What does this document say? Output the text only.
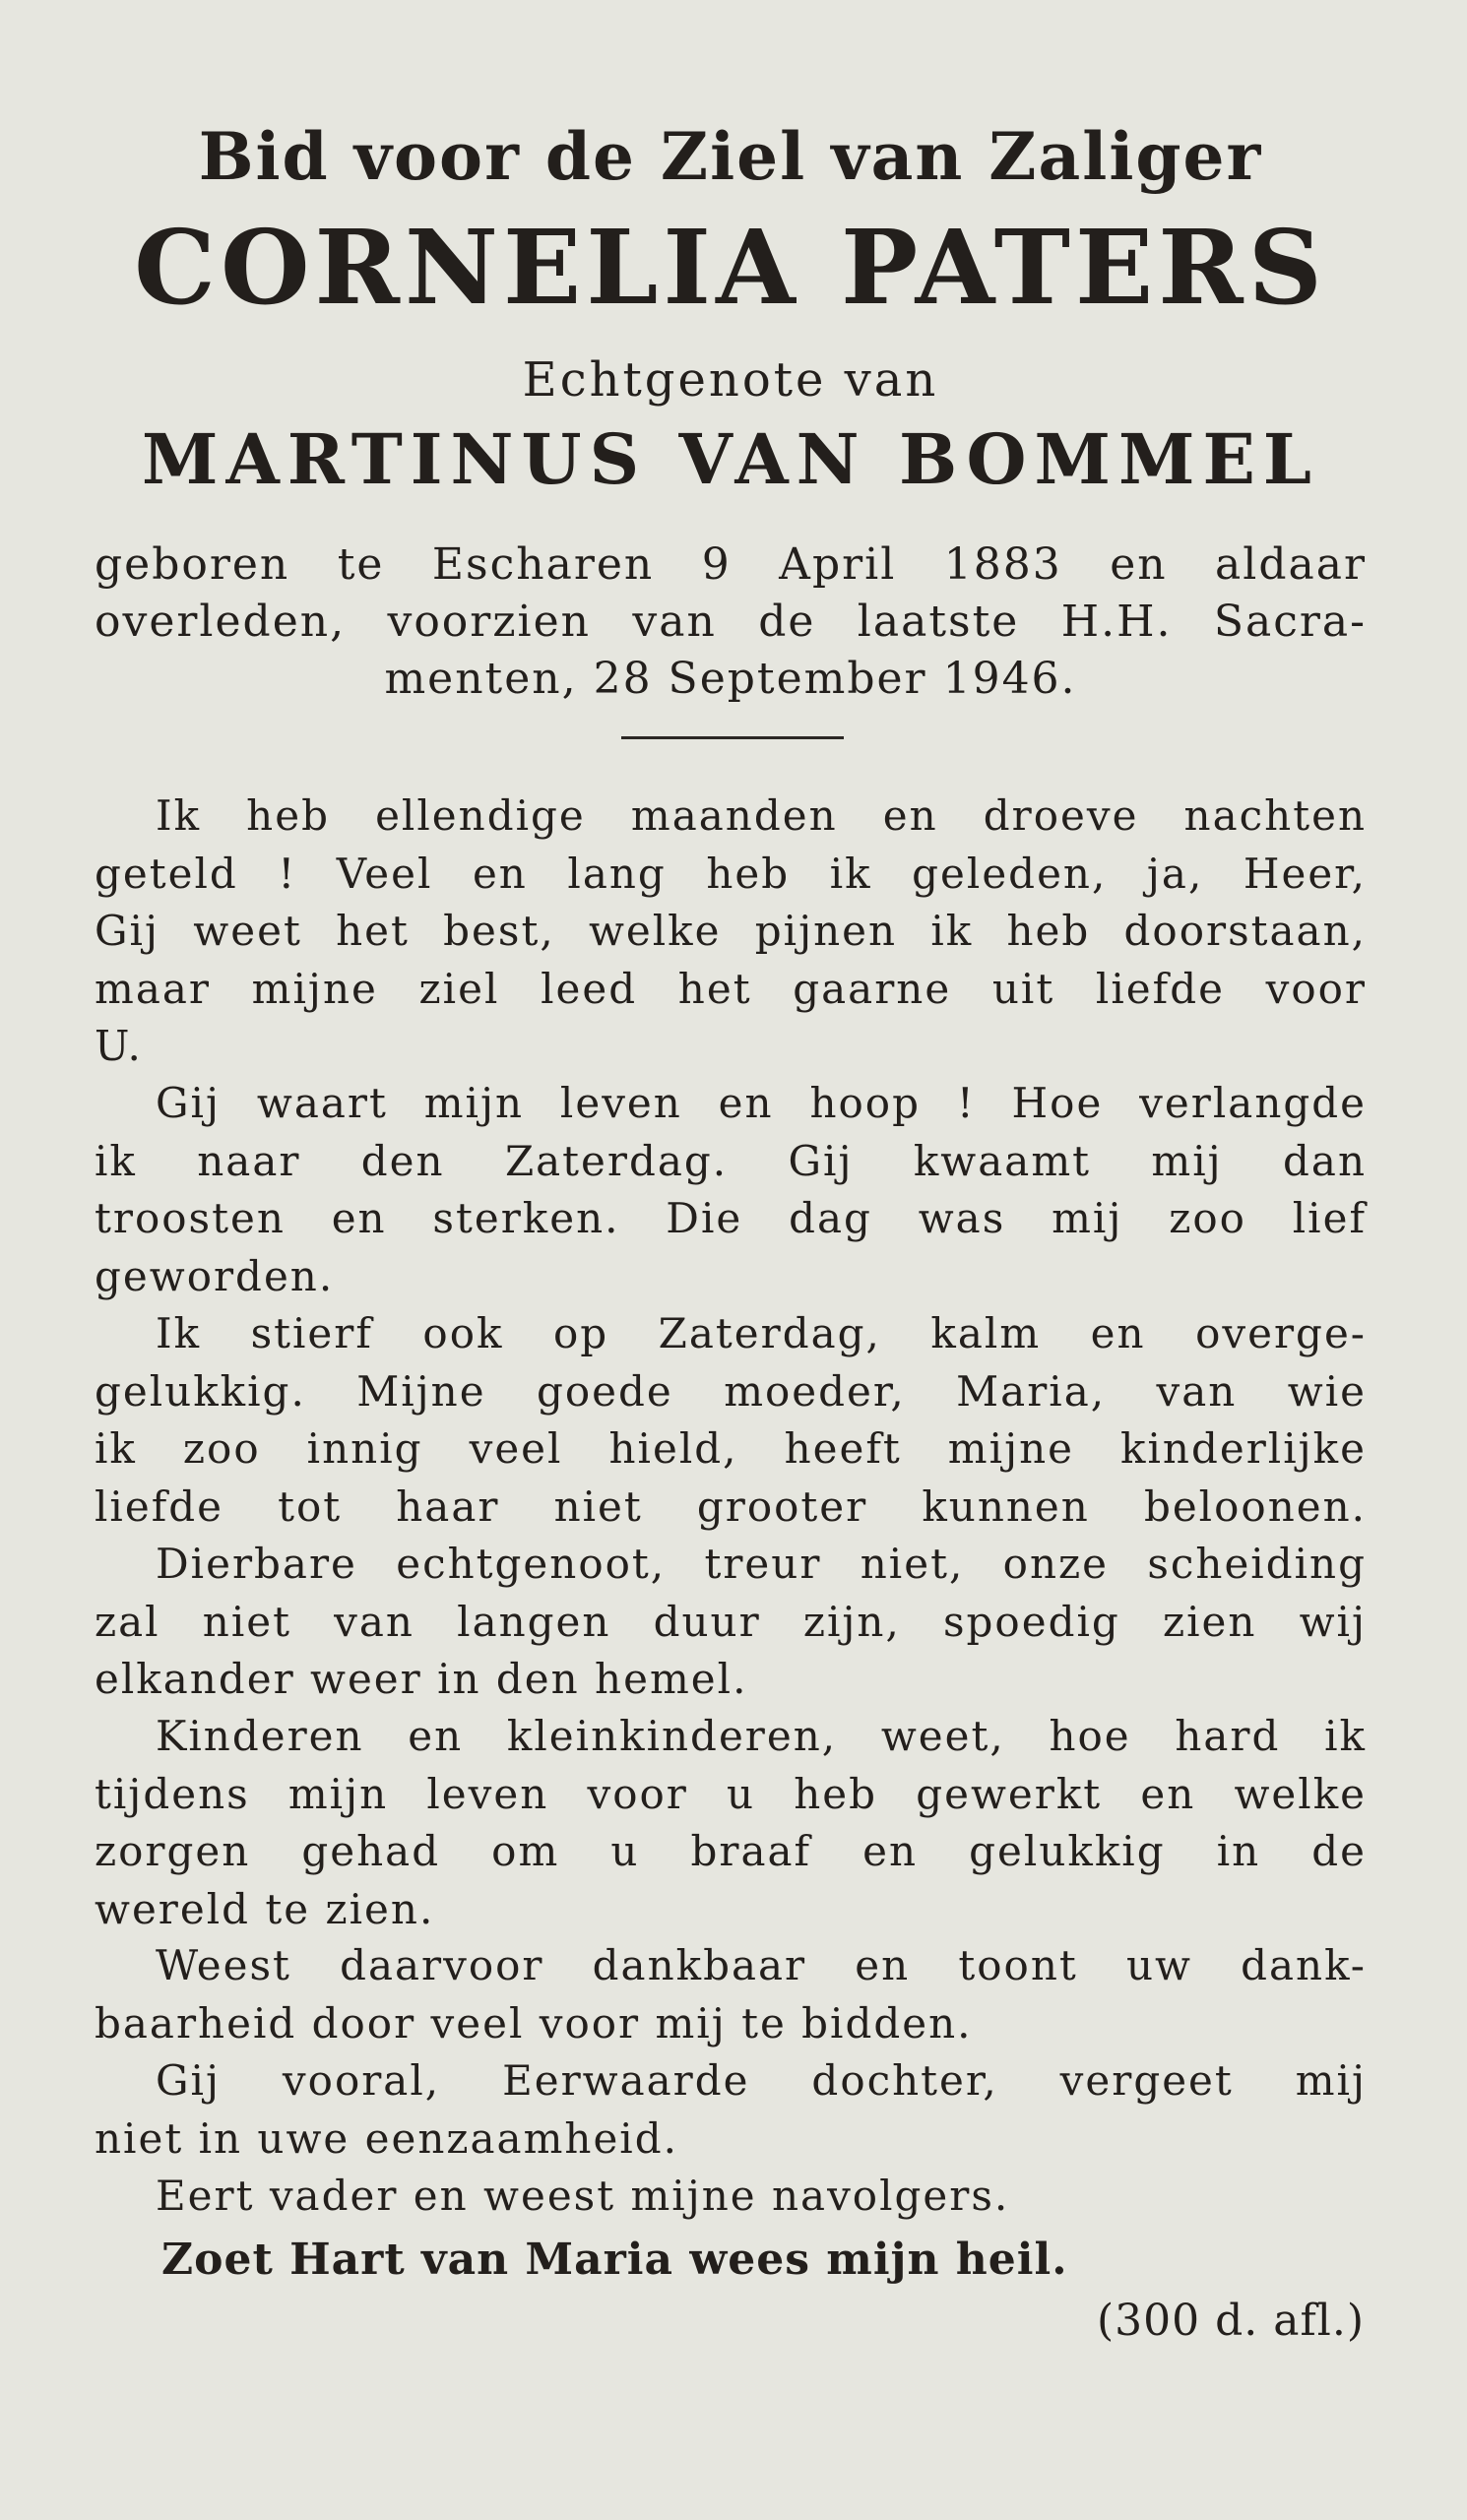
Bid voor de Ziel van Zaliger
CORNELIA PATERS
Echtgenote van
MARTINUS VAN BOMMEL
geboren te Escharen 9 April 1883 en aldaar
overleden, voorzien van de laatste H.H. Sacra-
menten, 28 September 1946.
Ik heb ellendige maanden en droeve nachten
geteld ! Veel en lang heb ik geleden, ja, Heer,
Gij weet het best, welke pijnen ik heb doorstaan,
maar mijne ziel leed het gaarne uit liefde voor
U.
Gij waart mijn leven en hoop ! Hoe verlangde
ik naar den Zaterdag. Gij kwaamt mij dan
troosten en sterken. Die dag was mij zoo lief
geworden.
Ik stierf ook op Zaterdag, kalm en overge-
gelukkig. Mijne goede moeder, Maria, van wie
ik zoo innig veel hield, heeft mijne kinderlijke
liefde tot haar niet grooter kunnen beloonen.
Dierbare echtgenoot, treur niet, onze scheiding
zal niet van langen duur zijn, spoedig zien wij
elkander weer in den hemel.
Kinderen en kleinkinderen, weet, hoe hard ik
tijdens mijn leven voor u heb gewerkt en welke
zorgen gehad om u braaf en gelukkig in de
wereld te zien.
Weest daarvoor dankbaar en toont uw dank-
baarheid door veel voor mij te bidden.
Gij vooral, Eerwaarde dochter, vergeet mij
niet in uwe eenzaamheid.
Eert vader en weest mijne navolgers.
Zoet Hart van Maria wees mijn heil.
(300 d. afl.)
